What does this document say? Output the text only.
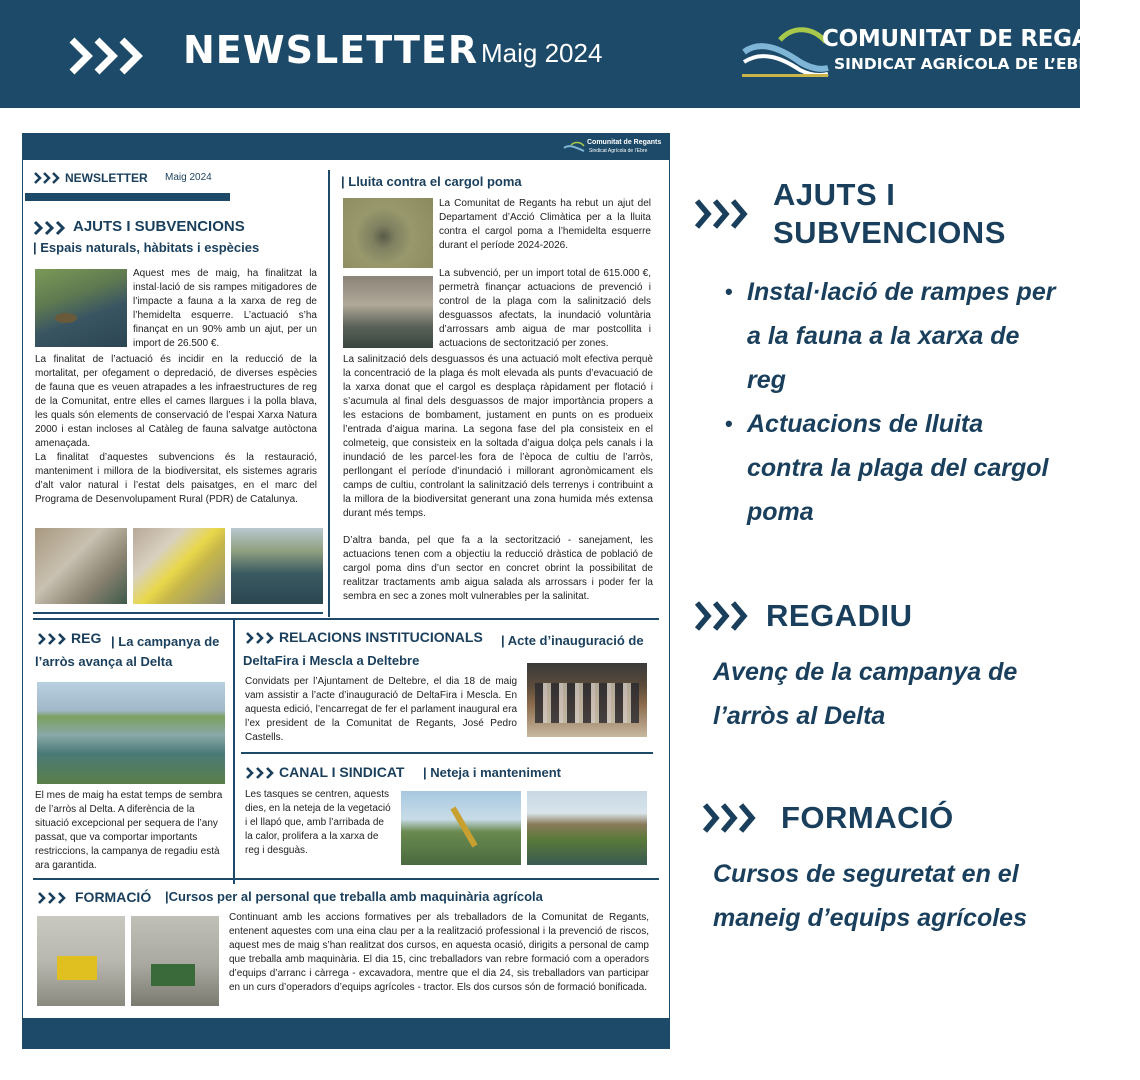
NEWSLETTER Maig 2024	COMUNITAT DE REGANTS
SINDICAT AGRÍCOLA DE L’EBRE
Comunitat de Regants
Sindicat Agrícola de l’Ebre
NEWSLETTER Maig 2024
AJUTS I SUBVENCIONS
| Espais naturals, hàbitats i espècies
Aquest mes de maig, ha finalitzat la instal·lació de sis rampes mitigadores de l’impacte a fauna a la xarxa de reg de l’hemidelta esquerre. L’actuació s’ha finançat en un 90% amb un ajut, per un import de 26.500 €.
La finalitat de l’actuació és incidir en la reducció de la mortalitat, per ofegament o depredació, de diverses espècies de fauna que es veuen atrapades a les infraestructures de reg de la Comunitat, entre elles el cames llargues i la polla blava, les quals són elements de conservació de l’espai Xarxa Natura 2000 i estan incloses al Catàleg de fauna salvatge autòctona amenaçada.
La finalitat d’aquestes subvencions és la restauració, manteniment i millora de la biodiversitat, els sistemes agraris d’alt valor natural i l’estat dels paisatges, en el marc del Programa de Desenvolupament Rural (PDR) de Catalunya.
| Lluita contra el cargol poma
La Comunitat de Regants ha rebut un ajut del Departament d’Acció Climàtica per a la lluita contra el cargol poma a l’hemidelta esquerre durant el període 2024-2026.
La subvenció, per un import total de 615.000 €, permetrà finançar actuacions de prevenció i control de la plaga com la salinització dels desguassos afectats, la inundació voluntària d’arrossars amb aigua de mar postcollita i actuacions de sectorització per zones.
La salinització dels desguassos és una actuació molt efectiva perquè la concentració de la plaga és molt elevada als punts d’evacuació de la xarxa donat que el cargol es desplaça ràpidament per flotació i s’acumula al final dels desguassos de major importància propers a les estacions de bombament, justament en punts on es produeix l’entrada d’aigua marina. La segona fase del pla consisteix en el colmeteig, que consisteix en la soltada d’aigua dolça pels canals i la inundació de les parcel·les fora de l’època de cultiu de l’arròs, perllongant el període d’inundació i millorant agronòmicament els camps de cultiu, controlant la salinització dels terrenys i contribuint a la millora de la biodiversitat generant una zona humida més extensa durant més temps.
D’altra banda, pel que fa a la sectorització - sanejament, les actuacions tenen com a objectiu la reducció dràstica de població de cargol poma dins d’un sector en concret obrint la possibilitat de realitzar tractaments amb aigua salada als arrossars i poder fer la sembra en sec a zones molt vulnerables per la salinitat.
REG | La campanya de l’arròs avança al Delta
El mes de maig ha estat temps de sembra de l’arròs al Delta. A diferència de la situació excepcional per sequera de l’any passat, que va comportar importants restriccions, la campanya de regadiu està ara garantida.
RELACIONS INSTITUCIONALS	| Acte d’inauguració de DeltaFira i Mescla a Deltebre
Convidats per l’Ajuntament de Deltebre, el dia 18 de maig vam assistir a l’acte d’inauguració de DeltaFira i Mescla. En aquesta edició, l’encarregat de fer el parlament inaugural era l’ex president de la Comunitat de Regants, José Pedro Castells.
CANAL I SINDICAT | Neteja i manteniment
Les tasques se centren, aquests dies, en la neteja de la vegetació i el llapó que, amb l’arribada de la calor, prolifera a la xarxa de reg i desguàs.
FORMACIÓ |Cursos per al personal que treballa amb maquinària agrícola
Continuant amb les accions formatives per als treballadors de la Comunitat de Regants, entenent aquestes com una eina clau per a la realització professional i la prevenció de riscos, aquest mes de maig s’han realitzat dos cursos, en aquesta ocasió, dirigits a personal de camp que treballa amb maquinària. El dia 15, cinc treballadors van rebre formació com a operadors d’equips d’arranc i càrrega - excavadora, mentre que el dia 24, sis treballadors van participar en un curs d’operadors d’equips agrícoles - tractor. Els dos cursos són de formació bonificada.
AJUTS I SUBVENCIONS
• Instal·lació de rampes per a la fauna a la xarxa de reg
• Actuacions de lluita contra la plaga del cargol poma
REGADIU
Avenç de la campanya de l’arròs al Delta
FORMACIÓ
Cursos de seguretat en el maneig d’equips agrícoles
